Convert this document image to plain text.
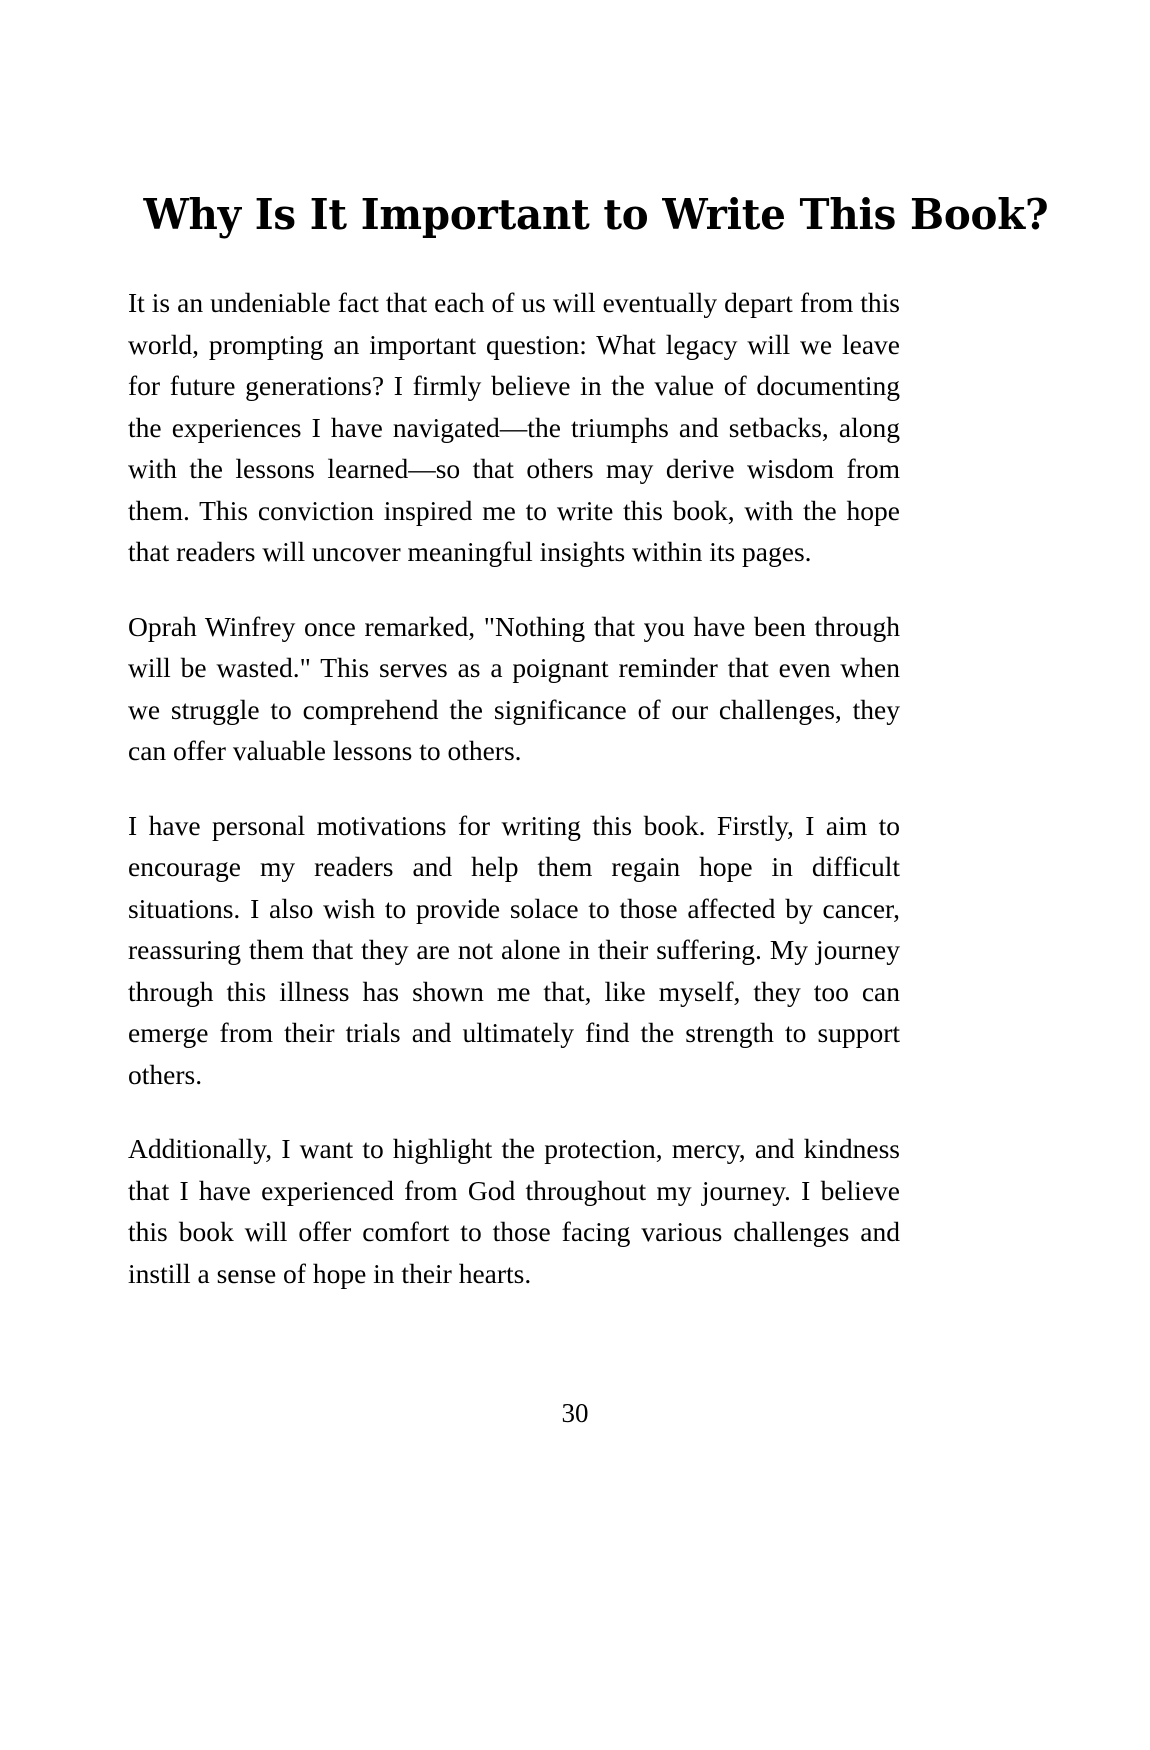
Why Is It Important to Write This Book?

It is an undeniable fact that each of us will eventually depart from this world, prompting an important question: What legacy will we leave for future generations? I firmly believe in the value of documenting the experiences I have navigated—the triumphs and setbacks, along with the lessons learned—so that others may derive wisdom from them. This conviction inspired me to write this book, with the hope that readers will uncover meaningful insights within its pages.

Oprah Winfrey once remarked, "Nothing that you have been through will be wasted." This serves as a poignant reminder that even when we struggle to comprehend the significance of our challenges, they can offer valuable lessons to others.

I have personal motivations for writing this book. Firstly, I aim to encourage my readers and help them regain hope in difficult situations. I also wish to provide solace to those affected by cancer, reassuring them that they are not alone in their suffering. My journey through this illness has shown me that, like myself, they too can emerge from their trials and ultimately find the strength to support others.

Additionally, I want to highlight the protection, mercy, and kindness that I have experienced from God throughout my journey. I believe this book will offer comfort to those facing various challenges and instill a sense of hope in their hearts.

30
